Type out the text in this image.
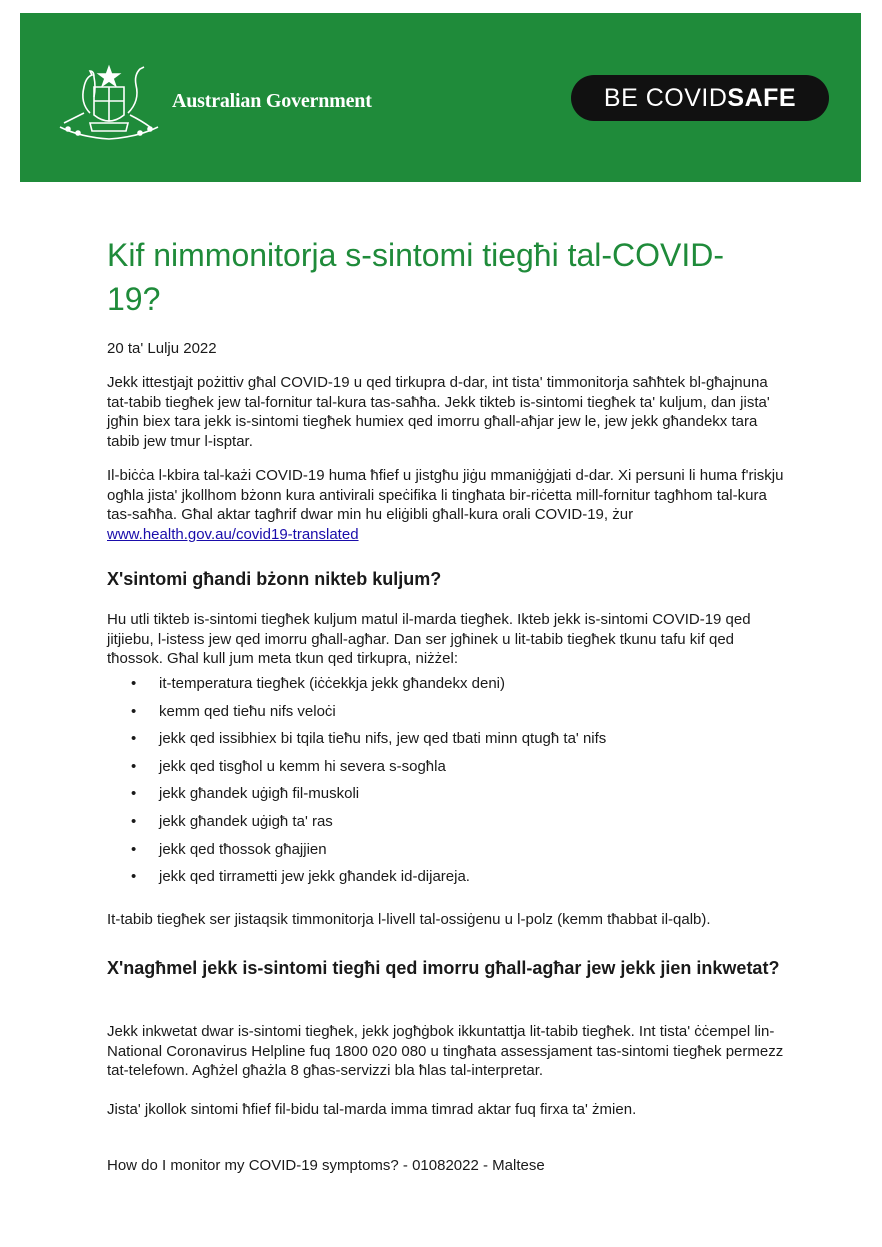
Australian Government	BE COVIDSAFE
Kif nimmonitorja s-sintomi tiegħi tal-COVID-19?
20 ta' Lulju 2022

Jekk ittestjajt pożittiv għal COVID-19 u qed tirkupra d-dar, int tista' timmonitorja saħħtek bl-għajnuna tat-tabib tiegħek jew tal-fornitur tal-kura tas-saħħa. Jekk tikteb is-sintomi tiegħek ta' kuljum, dan jista' jgħin biex tara jekk is-sintomi tiegħek humiex qed imorru għall-aħjar jew le, jew jekk għandekx tara tabib jew tmur l-isptar.

Il-biċċa l-kbira tal-każi COVID-19 huma ħfief u jistgħu jiġu mmaniġġjati d-dar. Xi persuni li huma f'riskju ogħla jista' jkollhom bżonn kura antivirali speċifika li tingħata bir-riċetta mill-fornitur tagħhom tal-kura tas-saħħa. Għal aktar tagħrif dwar min hu eliġibli għall-kura orali COVID-19, żur www.health.gov.au/covid19-translated

X'sintomi għandi bżonn nikteb kuljum?

Hu utli tikteb is-sintomi tiegħek kuljum matul il-marda tiegħek. Ikteb jekk is-sintomi COVID-19 qed jitjiebu, l-istess jew qed imorru għall-agħar. Dan ser jgħinek u lit-tabib tiegħek tkunu tafu kif qed tħossok. Għal kull jum meta tkun qed tirkupra, niżżel:

• it-temperatura tiegħek (iċċekkja jekk għandekx deni)
• kemm qed tieħu nifs veloċi
• jekk qed issibhiex bi tqila tieħu nifs, jew qed tbati minn qtugħ ta' nifs
• jekk qed tisgħol u kemm hi severa s-sogħla
• jekk għandek uġigħ fil-muskoli
• jekk għandek uġigħ ta' ras
• jekk qed tħossok għajjien
• jekk qed tirrametti jew jekk għandek id-dijareja.

It-tabib tiegħek ser jistaqsik timmonitorja l-livell tal-ossiġenu u l-polz (kemm tħabbat il-qalb).

X'nagħmel jekk is-sintomi tiegħi qed imorru għall-agħar jew jekk jien inkwetat?

Jekk inkwetat dwar is-sintomi tiegħek, jekk jogħġbok ikkuntattja lit-tabib tiegħek. Int tista' ċċempel lin-National Coronavirus Helpline fuq 1800 020 080 u tingħata assessjament tas-sintomi tiegħek permezz tat-telefown. Agħżel għażla 8 għas-servizzi bla ħlas tal-interpretar.

Jista' jkollok sintomi ħfief fil-bidu tal-marda imma timrad aktar fuq firxa ta' żmien.

How do I monitor my COVID-19 symptoms? - 01082022 - Maltese
